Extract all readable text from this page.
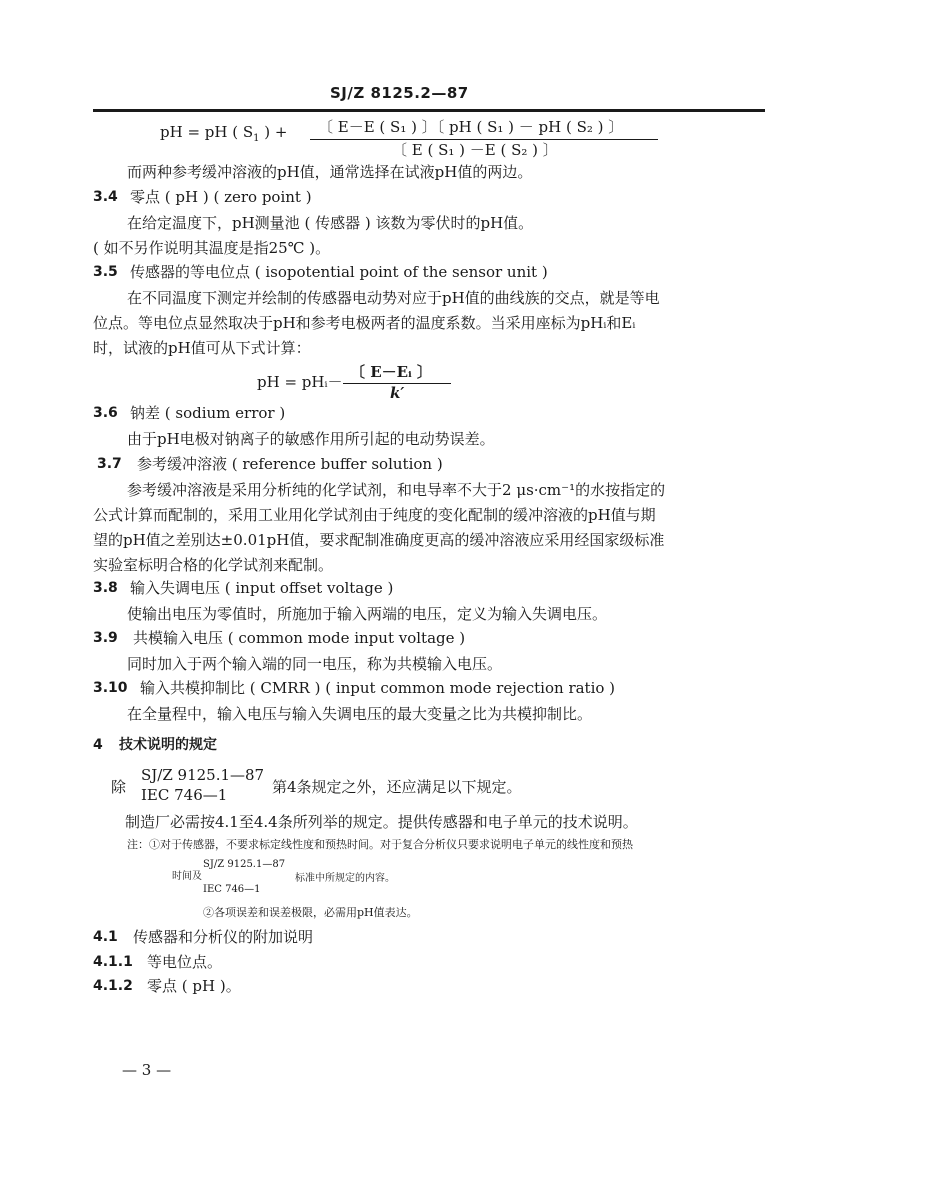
SJ/Z 8125.2—87
pH = pH ( $S_1$ ) + 〔 E－E ( S₁ ) 〕〔 pH ( S₁ ) － pH ( S₂ ) 〕
〔 E ( S₁ ) －E ( S₂ ) 〕
而两种参考缓冲溶液的pH值，通常选择在试液pH值的两边。
3.4 零点 ( pH ) ( zero point )
在给定温度下，pH测量池 ( 传感器 ) 该数为零伏时的pH值。
( 如不另作说明其温度是指25℃ )。
3.5 传感器的等电位点 ( isopotential point of the sensor unit )
在不同温度下测定并绘制的传感器电动势对应于pH值的曲线族的交点，就是等电
位点。等电位点显然取决于pH和参考电极两者的温度系数。当采用座标为pHᵢ和Eᵢ
时，试液的pH值可从下式计算：
pH = pHᵢ－
〔 E－Eᵢ 〕
k′
3.6 钠差 ( sodium error )
由于pH电极对钠离子的敏感作用所引起的电动势误差。
3.7 参考缓冲溶液 ( reference buffer solution )
参考缓冲溶液是采用分析纯的化学试剂，和电导率不大于2 μs·cm⁻¹的水按指定的
公式计算而配制的，采用工业用化学试剂由于纯度的变化配制的缓冲溶液的pH值与期
望的pH值之差别达±0.01pH值，要求配制准确度更高的缓冲溶液应采用经国家级标准
实验室标明合格的化学试剂来配制。
3.8 输入失调电压 ( input offset voltage )
使输出电压为零值时，所施加于输入两端的电压，定义为输入失调电压。
3.9 共模输入电压 ( common mode input voltage )
同时加入于两个输入端的同一电压，称为共模输入电压。
3.10 输入共模抑制比 ( CMRR ) ( input common mode rejection ratio )
在全量程中，输入电压与输入失调电压的最大变量之比为共模抑制比。
4 技术说明的规定
除
SJ/Z 9125.1—87
IEC 746—1	第4条规定之外，还应满足以下规定。
制造厂必需按4.1至4.4条所列举的规定。提供传感器和电子单元的技术说明。
注：①对于传感器，不要求标定线性度和预热时间。对于复合分析仪只要求说明电子单元的线性度和预热
SJ/Z 9125.1—87
时间及
IEC 746—1
标准中所规定的内容。
②各项误差和误差极限，必需用pH值表达。
4.1 传感器和分析仪的附加说明
4.1.1 等电位点。
4.1.2 零点 ( pH )。
— 3 —
